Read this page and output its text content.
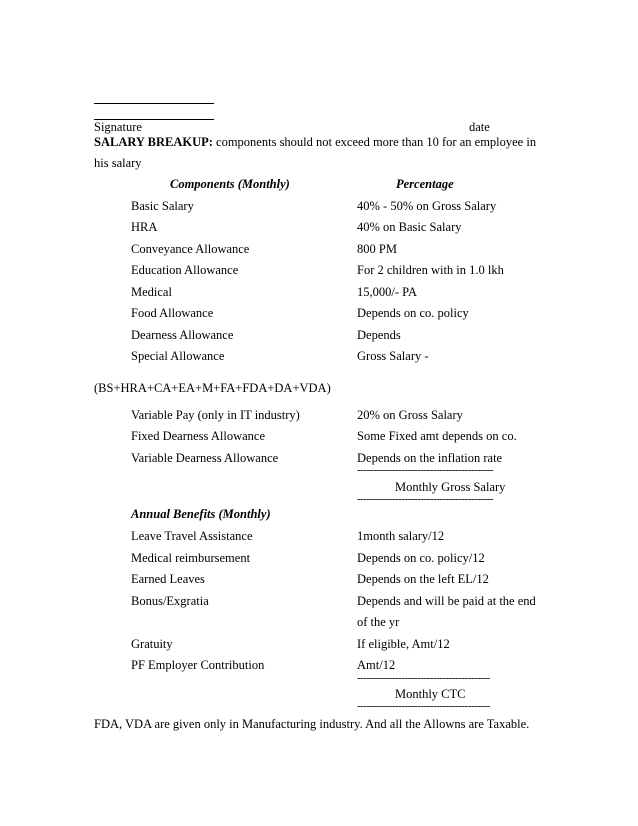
Signature	date
SALARY BREAKUP: components should not exceed more than 10 for an employee in
his salary
Components (Monthly)	Percentage
Basic Salary	40% - 50% on Gross Salary
HRA	40% on Basic Salary
Conveyance Allowance	800 PM
Education Allowance	For 2 children with in 1.0 lkh
Medical	15,000/- PA
Food Allowance	Depends on co. policy
Dearness Allowance	Depends
Special Allowance	Gross Salary -
(BS+HRA+CA+EA+M+FA+FDA+DA+VDA)
Variable Pay (only in IT industry)	20% on Gross Salary
Fixed Dearness Allowance	Some Fixed amt depends on co.
Variable Dearness Allowance	Depends on the inflation rate
-------------------------------------------
Monthly Gross Salary
-------------------------------------------
Annual Benefits (Monthly)
Leave Travel Assistance	1month salary/12
Medical reimbursement	Depends on co. policy/12
Earned Leaves	Depends on the left EL/12
Bonus/Exgratia	Depends and will be paid at the end
of the yr
Gratuity	If eligible, Amt/12
PF Employer Contribution	Amt/12
------------------------------------------
Monthly CTC
------------------------------------------
FDA, VDA are given only in Manufacturing industry. And all the Allowns are Taxable.
